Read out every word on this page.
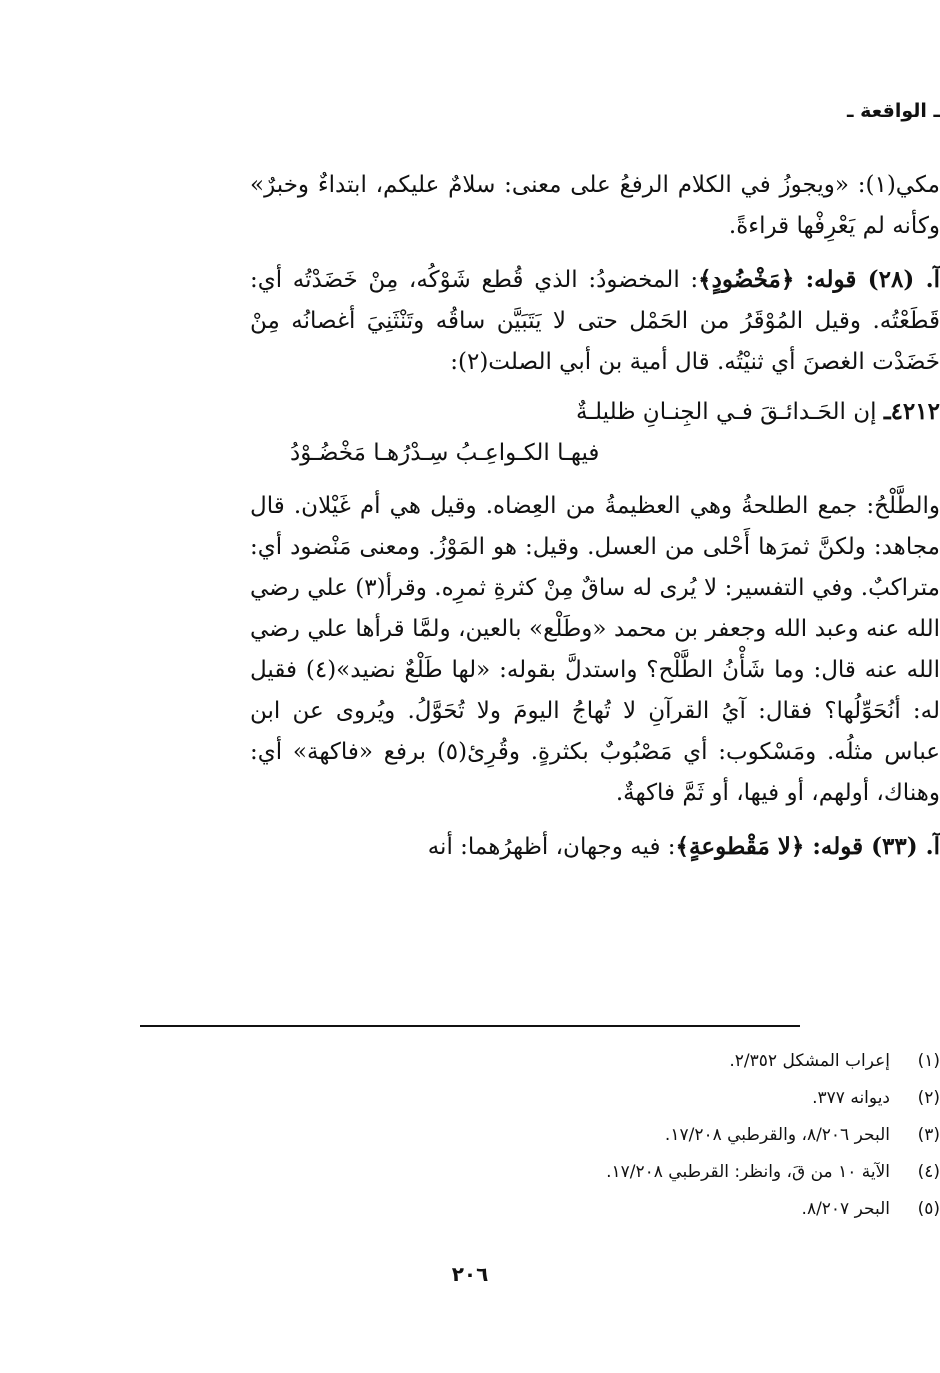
ـ الواقعة ـ

مكي(١): «ويجوزُ في الكلام الرفعُ على معنى: سلامٌ عليكم، ابتداءٌ وخبرٌ» وكأنه لم يَعْرِفْها قراءةً.

آ. (٢٨) قوله: ﴿مَخْضُودٍ﴾: المخضودُ: الذي قُطع شَوْكُه، مِنْ خَضَدْتُه أي: قَطَعْتُه. وقيل المُوْقَرُ من الحَمْل حتى لا يَتَبَيَّن ساقُه وتَنْثَنِيَ أغصانُه مِنْ خَضَدْت الغصنَ أي ثنيْتُه. قال أمية بن أبي الصلت(٢):

٤٢١٢ـ إن الحَـدائـقَ فـي الجِنـانِ ظليلـةٌ
فيهـا الكـواعِـبُ سِـدْرُهـا مَخْضُـوْدُ

والطَّلْحُ: جمع الطلحةُ وهي العظيمةُ من العِضاه. وقيل هي أم غَيْلان. قال مجاهد: ولكنَّ ثمرَها أَحْلى من العسل. وقيل: هو المَوْزُ. ومعنى مَنْضود أي: متراكبٌ. وفي التفسير: لا يُرى له ساقٌ مِنْ كثرةِ ثمرِه. وقرأ(٣) علي رضي الله عنه وعبد الله وجعفر بن محمد «وطَلْع» بالعين، ولمَّا قرأها علي رضي الله عنه قال: وما شَأْنُ الطَّلْح؟ واستدلَّ بقوله: «لها طَلْعٌ نضيد»(٤) فقيل له: أنُحَوِّلُها؟ فقال: آيُ القرآنِ لا تُهاجُ اليومَ ولا تُحَوَّلُ. ويُروى عن ابن عباس مثلُه. ومَسْكوب: أي مَصْبُوبٌ بكثرةٍ. وقُرِئ(٥) برفع «فاكهة» أي: وهناك، أولهم، أو فيها، أو ثَمَّ فاكهةٌ.

آ. (٣٣) قوله: ﴿لا مَقْطوعةٍ﴾: فيه وجهان، أظهرُهما: أنه

(١)إعراب المشكل ٢/٣٥٢.
(٢)ديوانه ٣٧٧.
(٣)البحر ٨/٢٠٦، والقرطبي ١٧/٢٠٨.
(٤)الآية ١٠ من قَ، وانظر: القرطبي ١٧/٢٠٨.
(٥)البحر ٨/٢٠٧.
٢٠٦
